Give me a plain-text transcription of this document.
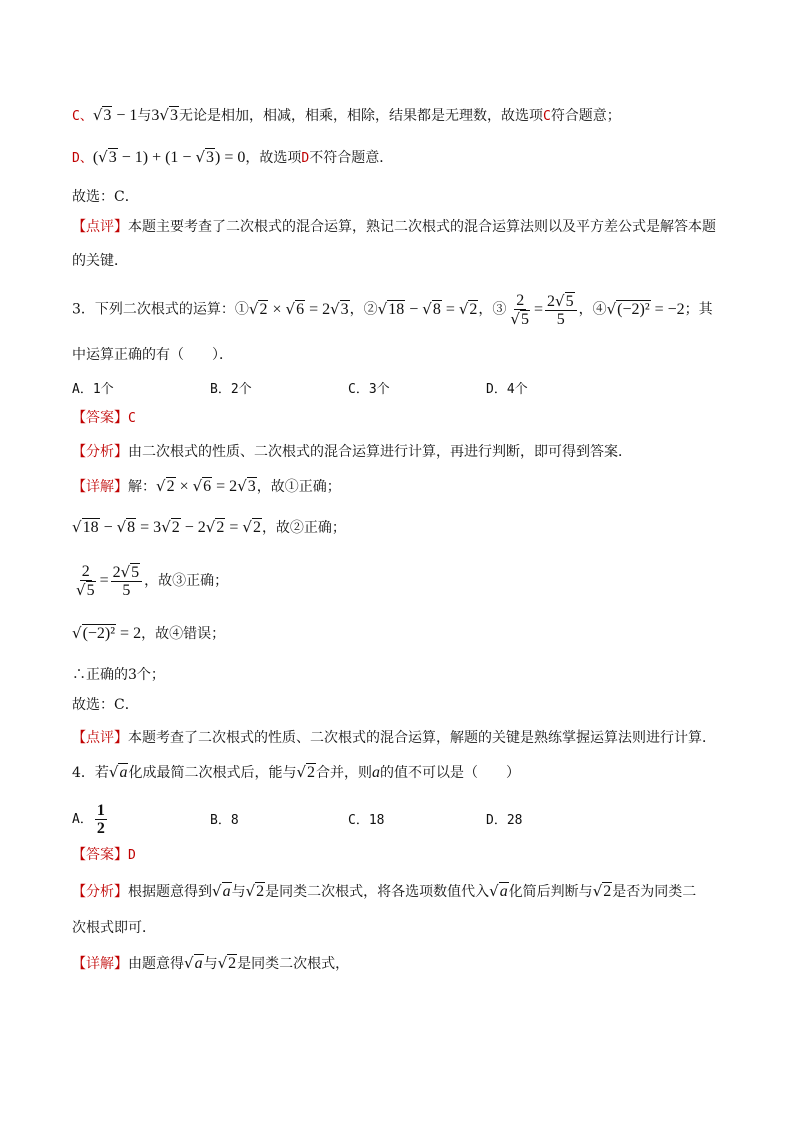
C、 √ 3 − 1与3 √ 3 无论是相加，相减，相乘，相除，结果都是无理数，故选项C符合题意；
D、( √ 3 − 1) + (1 − √ 3 ) = 0，故选项D不符合题意．
故选：C．
【点评】本题主要考查了二次根式的混合运算，熟记二次根式的混合运算法则以及平方差公式是解答本题
的关键．
3．下列二次根式的运算：① √ 2 × √ 6 = 2 √ 3 ，② √ 18 − √ 8 = √ 2 ，③ $\frac{2}{√ 5} = \frac{2 √ 5}{5}$ ，④ √ (−2)² = −2；其
中运算正确的有（　　）．
A．1个	B．2个	C．3个	D．4个
【答案】C
【分析】由二次根式的性质、二次根式的混合运算进行计算，再进行判断，即可得到答案．
【详解】解： √ 2 × √ 6 = 2 √ 3 ，故①正确；
√ 18 − √ 8 = 3 √ 2 − 2 √ 2 = √ 2 ，故②正确；
$\frac{2}{√ 5} = \frac{2 √ 5}{5}$ ，故③正确；
√ (−2)² = 2，故④错误；
∴正确的3个；
故选：C．
【点评】本题考查了二次根式的性质、二次根式的混合运算，解题的关键是熟练掌握运算法则进行计算．
4．若 √ a 化成最简二次根式后，能与 √ 2 合并，则a的值不可以是（　　）
A． $\frac{1}{2}$	B．8	C．18	D．28
【答案】D
【分析】根据题意得到 √ a 与 √ 2 是同类二次根式，将各选项数值代入 √ a 化简后判断与 √ 2 是否为同类二
次根式即可．
【详解】由题意得 √ a 与 √ 2 是同类二次根式，
